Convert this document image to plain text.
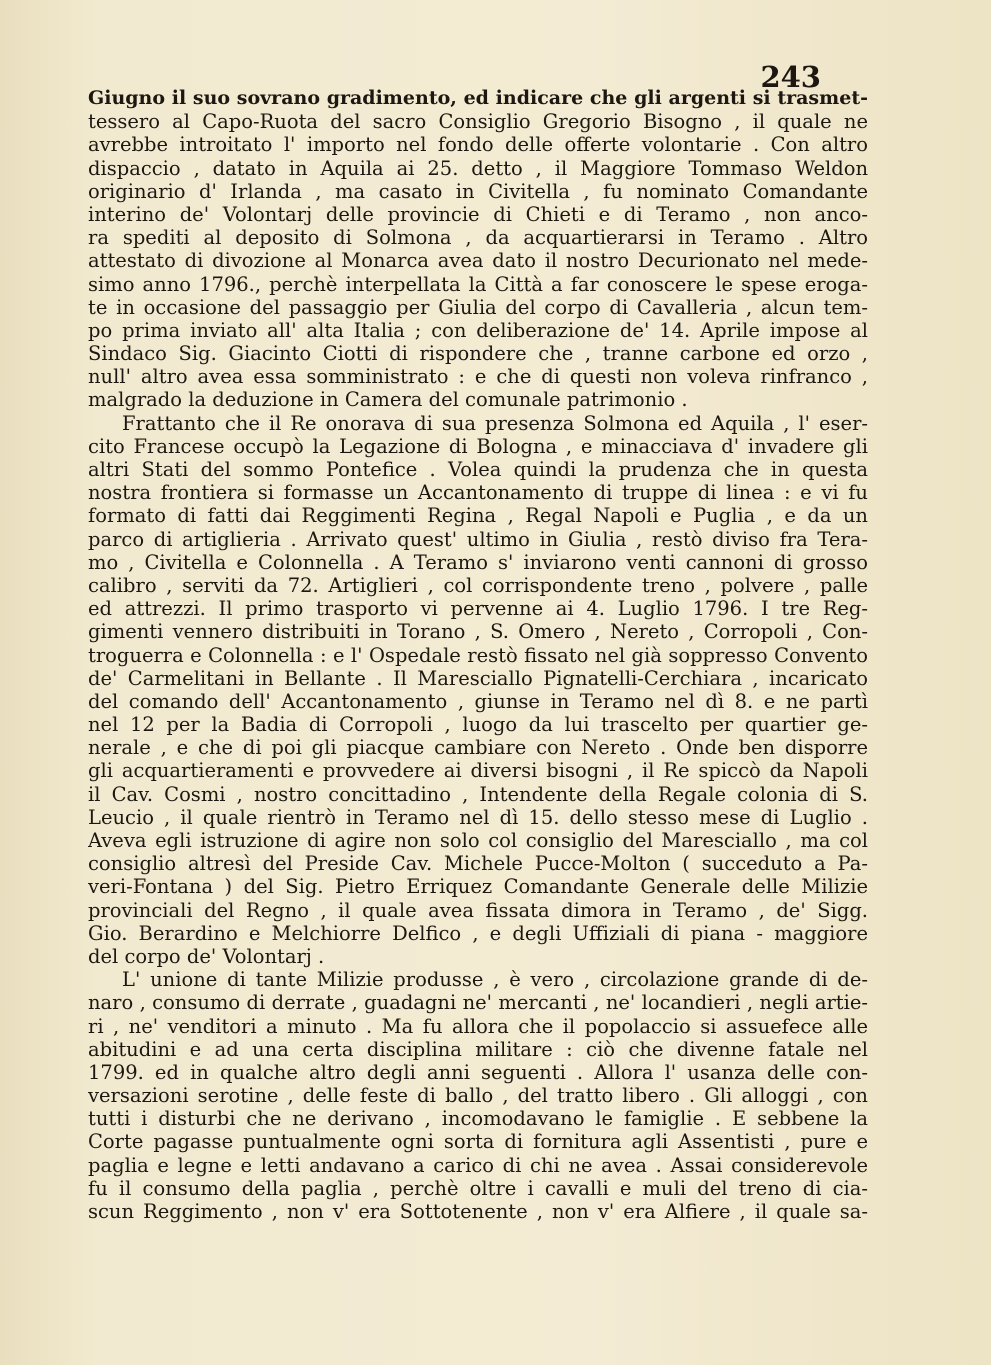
243
Giugno il suo sovrano gradimento, ed indicare che gli argenti si trasmet-
tessero al Capo-Ruota del sacro Consiglio Gregorio Bisogno , il quale ne
avrebbe introitato l' importo nel fondo delle offerte volontarie . Con altro
dispaccio , datato in Aquila ai 25. detto , il Maggiore Tommaso Weldon
originario d' Irlanda , ma casato in Civitella , fu nominato Comandante
interino de' Volontarj delle provincie di Chieti e di Teramo , non anco-
ra spediti al deposito di Solmona , da acquartierarsi in Teramo . Altro
attestato di divozione al Monarca avea dato il nostro Decurionato nel mede-
simo anno 1796., perchè interpellata la Città a far conoscere le spese eroga-
te in occasione del passaggio per Giulia del corpo di Cavalleria , alcun tem-
po prima inviato all' alta Italia ; con deliberazione de' 14. Aprile impose al
Sindaco Sig. Giacinto Ciotti di rispondere che , tranne carbone ed orzo ,
null' altro avea essa somministrato : e che di questi non voleva rinfranco ,
malgrado la deduzione in Camera del comunale patrimonio .
Frattanto che il Re onorava di sua presenza Solmona ed Aquila , l' eser-
cito Francese occupò la Legazione di Bologna , e minacciava d' invadere gli
altri Stati del sommo Pontefice . Volea quindi la prudenza che in questa
nostra frontiera si formasse un Accantonamento di truppe di linea : e vi fu
formato di fatti dai Reggimenti Regina , Regal Napoli e Puglia , e da un
parco di artiglieria . Arrivato quest' ultimo in Giulia , restò diviso fra Tera-
mo , Civitella e Colonnella . A Teramo s' inviarono venti cannoni di grosso
calibro , serviti da 72. Artiglieri , col corrispondente treno , polvere , palle
ed attrezzi. Il primo trasporto vi pervenne ai 4. Luglio 1796. I tre Reg-
gimenti vennero distribuiti in Torano , S. Omero , Nereto , Corropoli , Con-
troguerra e Colonnella : e l' Ospedale restò fissato nel già soppresso Convento
de' Carmelitani in Bellante . Il Maresciallo Pignatelli-Cerchiara , incaricato
del comando dell' Accantonamento , giunse in Teramo nel dì 8. e ne partì
nel 12 per la Badia di Corropoli , luogo da lui trascelto per quartier ge-
nerale , e che di poi gli piacque cambiare con Nereto . Onde ben disporre
gli acquartieramenti e provvedere ai diversi bisogni , il Re spiccò da Napoli
il Cav. Cosmi , nostro concittadino , Intendente della Regale colonia di S.
Leucio , il quale rientrò in Teramo nel dì 15. dello stesso mese di Luglio .
Aveva egli istruzione di agire non solo col consiglio del Maresciallo , ma col
consiglio altresì del Preside Cav. Michele Pucce-Molton ( succeduto a Pa-
veri-Fontana ) del Sig. Pietro Erriquez Comandante Generale delle Milizie
provinciali del Regno , il quale avea fissata dimora in Teramo , de' Sigg.
Gio. Berardino e Melchiorre Delfico , e degli Uffiziali di piana - maggiore
del corpo de' Volontarj .
L' unione di tante Milizie produsse , è vero , circolazione grande di de-
naro , consumo di derrate , guadagni ne' mercanti , ne' locandieri , negli artie-
ri , ne' venditori a minuto . Ma fu allora che il popolaccio si assuefece alle
abitudini e ad una certa disciplina militare : ciò che divenne fatale nel
1799. ed in qualche altro degli anni seguenti . Allora l' usanza delle con-
versazioni serotine , delle feste di ballo , del tratto libero . Gli alloggi , con
tutti i disturbi che ne derivano , incomodavano le famiglie . E sebbene la
Corte pagasse puntualmente ogni sorta di fornitura agli Assentisti , pure e
paglia e legne e letti andavano a carico di chi ne avea . Assai considerevole
fu il consumo della paglia , perchè oltre i cavalli e muli del treno di cia-
scun Reggimento , non v' era Sottotenente , non v' era Alfiere , il quale sa-
